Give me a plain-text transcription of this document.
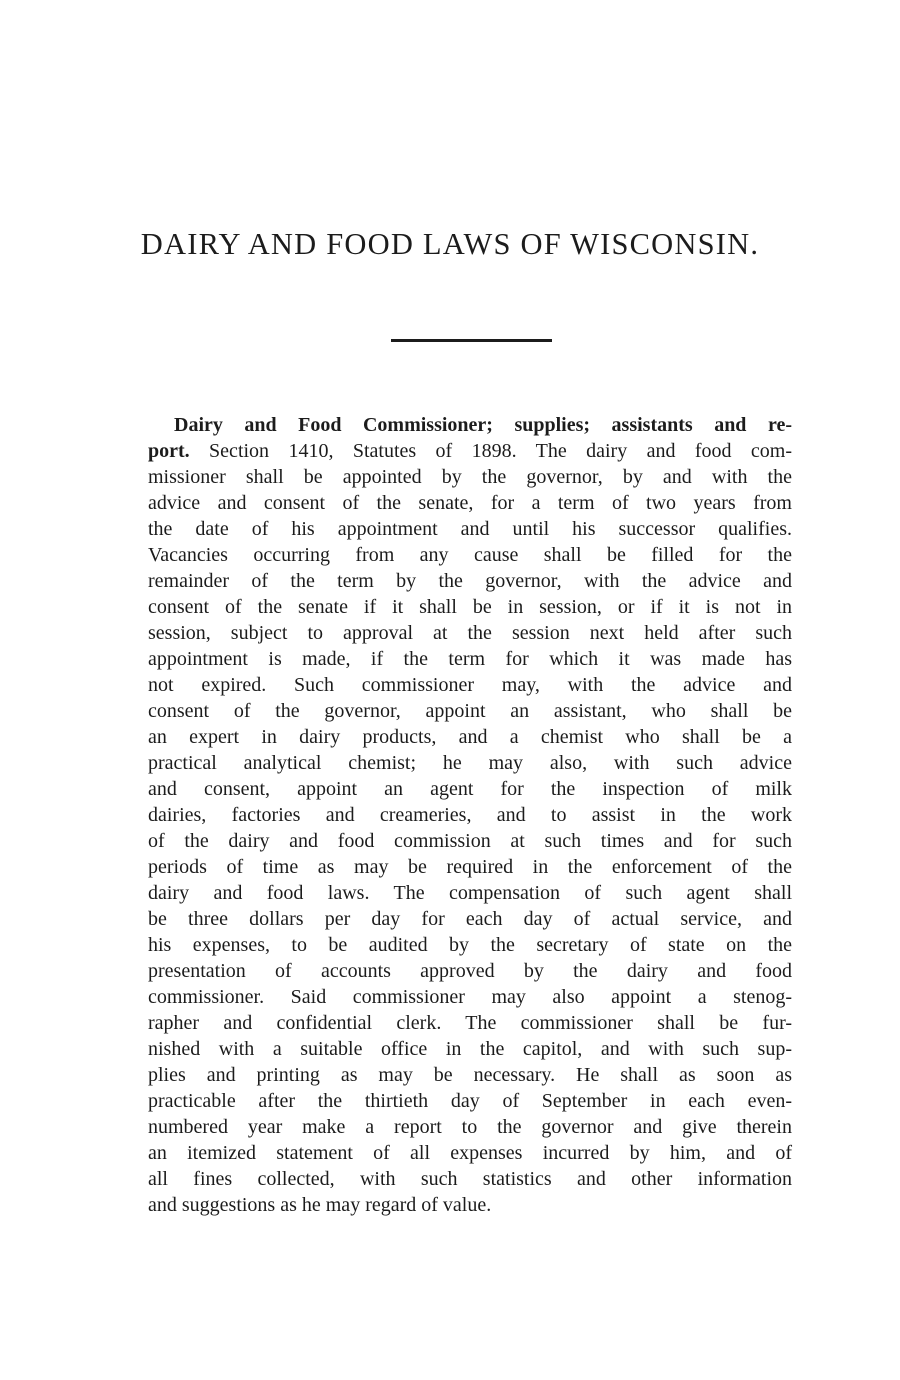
DAIRY AND FOOD LAWS OF WISCONSIN.
Dairy and Food Commissioner; supplies; assistants and re-
port. Section 1410, Statutes of 1898. The dairy and food com-
missioner shall be appointed by the governor, by and with the
advice and consent of the senate, for a term of two years from
the date of his appointment and until his successor qualifies.
Vacancies occurring from any cause shall be filled for the
remainder of the term by the governor, with the advice and
consent of the senate if it shall be in session, or if it is not in
session, subject to approval at the session next held after such
appointment is made, if the term for which it was made has
not expired. Such commissioner may, with the advice and
consent of the governor, appoint an assistant, who shall be
an expert in dairy products, and a chemist who shall be a
practical analytical chemist; he may also, with such advice
and consent, appoint an agent for the inspection of milk
dairies, factories and creameries, and to assist in the work
of the dairy and food commission at such times and for such
periods of time as may be required in the enforcement of the
dairy and food laws. The compensation of such agent shall
be three dollars per day for each day of actual service, and
his expenses, to be audited by the secretary of state on the
presentation of accounts approved by the dairy and food
commissioner. Said commissioner may also appoint a stenog-
rapher and confidential clerk. The commissioner shall be fur-
nished with a suitable office in the capitol, and with such sup-
plies and printing as may be necessary. He shall as soon as
practicable after the thirtieth day of September in each even-
numbered year make a report to the governor and give therein
an itemized statement of all expenses incurred by him, and of
all fines collected, with such statistics and other information
and suggestions as he may regard of value.
